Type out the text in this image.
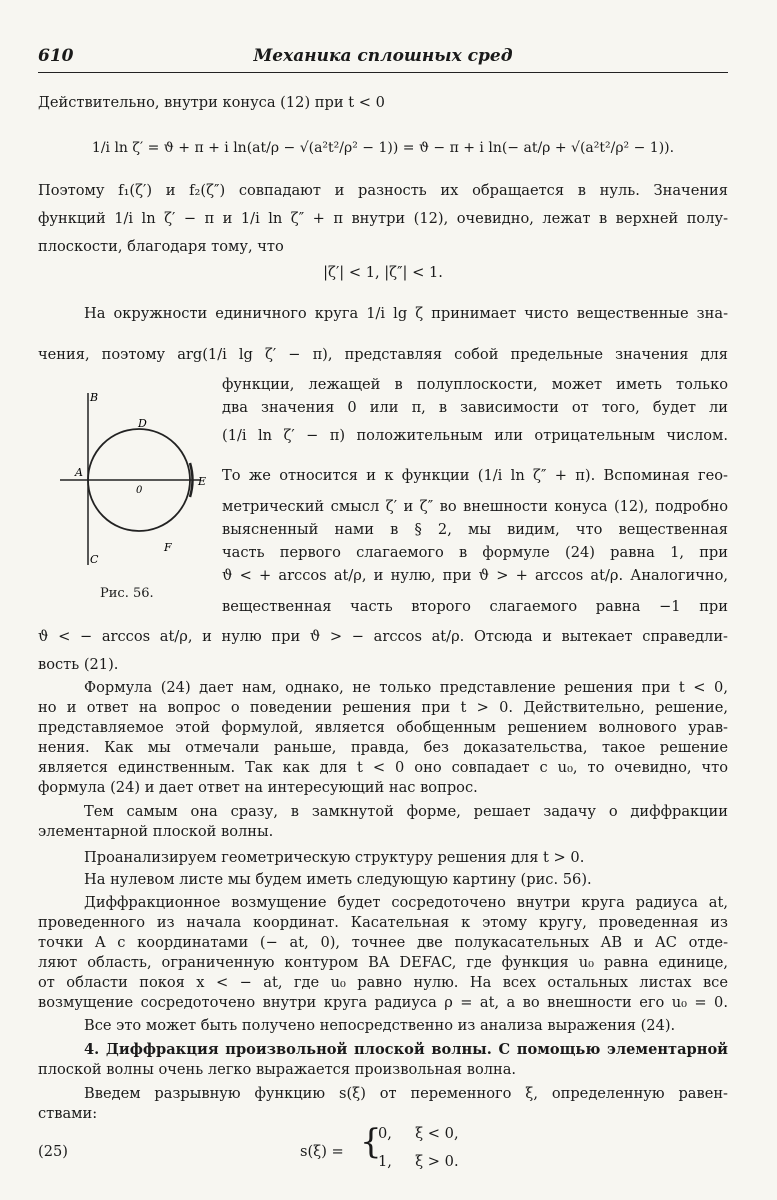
610	Механика сплошных сред
Действительно, внутри конуса (12) при t < 0
1/i ln ζ′ = ϑ + π + i ln(at/ρ − √(a²t²/ρ² − 1)) = ϑ − π + i ln(− at/ρ + √(a²t²/ρ² − 1)).
Поэтому f₁(ζ′) и f₂(ζ″) совпадают и разность их обращается в нуль. Значения
функций 1/i ln ζ′ − π и 1/i ln ζ″ + π внутри (12), очевидно, лежат в верхней полу-
плоскости, благодаря тому, что
|ζ′| < 1, |ζ″| < 1.
На окружности единичного круга 1/i lg ζ принимает чисто вещественные зна-
чения, поэтому arg(1/i lg ζ′ − π), представляя собой предельные значения для
функции, лежащей в полуплоскости, может иметь только
два значения 0 или π, в зависимости от того, будет ли
(1/i ln ζ′ − π) положительным или отрицательным числом.
То же относится и к функции (1/i ln ζ″ + π). Вспоминая гео-
метрический смысл ζ′ и ζ″ во внешности конуса (12), подробно
выясненный нами в § 2, мы видим, что вещественная
часть первого слагаемого в формуле (24) равна 1, при
ϑ < + arccos at/ρ, и нулю, при ϑ > + arccos at/ρ. Аналогично,
вещественная часть второго слагаемого равна −1 при
ϑ < − arccos at/ρ, и нулю при ϑ > − arccos at/ρ. Отсюда и вытекает справедли-
вость (21).
B
A
C
D
E
F
0
Рис. 56.
Формула (24) дает нам, однако, не только представление решения при t < 0,
но и ответ на вопрос о поведении решения при t > 0. Действительно, решение,
представляемое этой формулой, является обобщенным решением волнового урав-
нения. Как мы отмечали раньше, правда, без доказательства, такое решение
является единственным. Так как для t < 0 оно совпадает с u₀, то очевидно, что
формула (24) и дает ответ на интересующий нас вопрос.
Тем самым она сразу, в замкнутой форме, решает задачу о диффракции
элементарной плоской волны.
Проанализируем геометрическую структуру решения для t > 0.
На нулевом листе мы будем иметь следующую картину (рис. 56).
Диффракционное возмущение будет сосредоточено внутри круга радиуса at,
проведенного из начала координат. Касательная к этому кругу, проведенная из
точки A с координатами (− at, 0), точнее две полукасательных AB и AC отде-
ляют область, ограниченную контуром BA DEFAC, где функция u₀ равна единице,
от области покоя x < − at, где u₀ равно нулю. На всех остальных листах все
возмущение сосредоточено внутри круга радиуса ρ = at, а во внешности его u₀ = 0.
Все это может быть получено непосредственно из анализа выражения (24).
4. Диффракция произвольной плоской волны. С помощью элементарной
плоской волны очень легко выражается произвольная волна.
Введем разрывную функцию s(ξ) от переменного ξ, определенную равен-
ствами:
(25)	s(ξ) = {
0,     ξ < 0,
1,     ξ > 0.
